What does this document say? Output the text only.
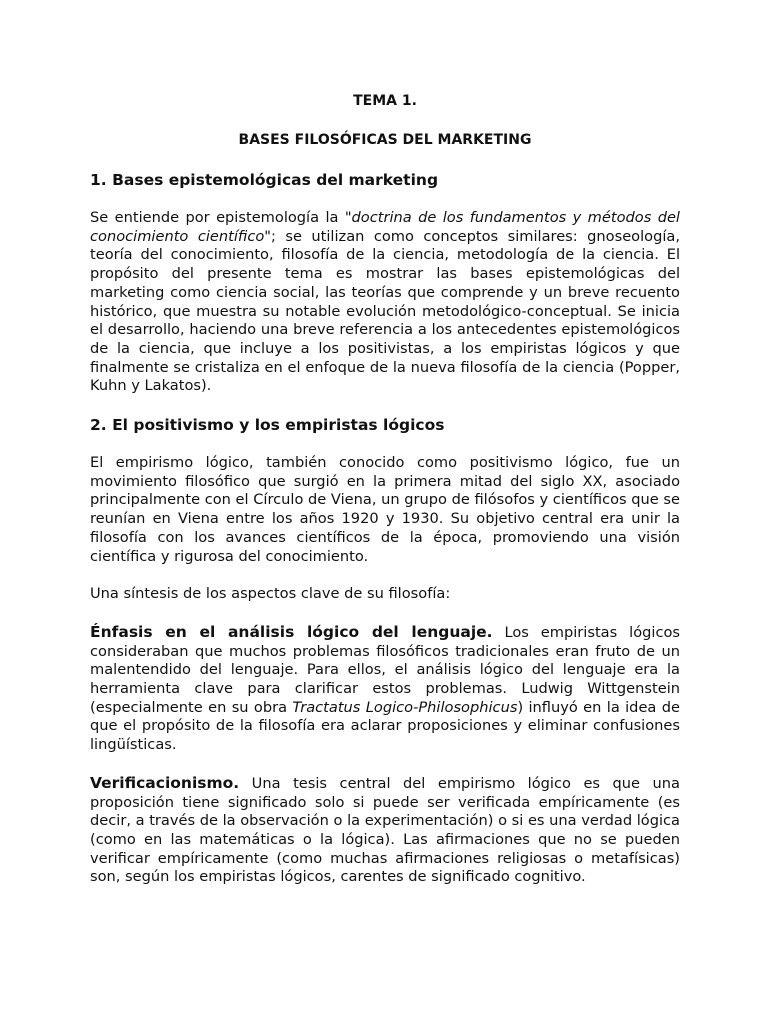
TEMA 1.
BASES FILOSÓFICAS DEL MARKETING
1. Bases epistemológicas del marketing

Se entiende por epistemología la "doctrina de los fundamentos y métodos del conocimiento científico"; se utilizan como conceptos similares: gnoseología, teoría del conocimiento, filosofía de la ciencia, metodología de la ciencia. El propósito del presente tema es mostrar las bases epistemológicas del marketing como ciencia social, las teorías que comprende y un breve recuento histórico, que muestra su notable evolución metodológico-conceptual. Se inicia el desarrollo, haciendo una breve referencia a los antecedentes epistemológicos de la ciencia, que incluye a los positivistas, a los empiristas lógicos y que finalmente se cristaliza en el enfoque de la nueva filosofía de la ciencia (Popper, Kuhn y Lakatos).

2. El positivismo y los empiristas lógicos

El empirismo lógico, también conocido como positivismo lógico, fue un movimiento filosófico que surgió en la primera mitad del siglo XX, asociado principalmente con el Círculo de Viena, un grupo de filósofos y científicos que se reunían en Viena entre los años 1920 y 1930. Su objetivo central era unir la filosofía con los avances científicos de la época, promoviendo una visión científica y rigurosa del conocimiento.

Una síntesis de los aspectos clave de su filosofía:

Énfasis en el análisis lógico del lenguaje. Los empiristas lógicos consideraban que muchos problemas filosóficos tradicionales eran fruto de un malentendido del lenguaje. Para ellos, el análisis lógico del lenguaje era la herramienta clave para clarificar estos problemas. Ludwig Wittgenstein (especialmente en su obra Tractatus Logico-Philosophicus) influyó en la idea de que el propósito de la filosofía era aclarar proposiciones y eliminar confusiones lingüísticas.

Verificacionismo. Una tesis central del empirismo lógico es que una proposición tiene significado solo si puede ser verificada empíricamente (es decir, a través de la observación o la experimentación) o si es una verdad lógica (como en las matemáticas o la lógica). Las afirmaciones que no se pueden verificar empíricamente (como muchas afirmaciones religiosas o metafísicas) son, según los empiristas lógicos, carentes de significado cognitivo.
